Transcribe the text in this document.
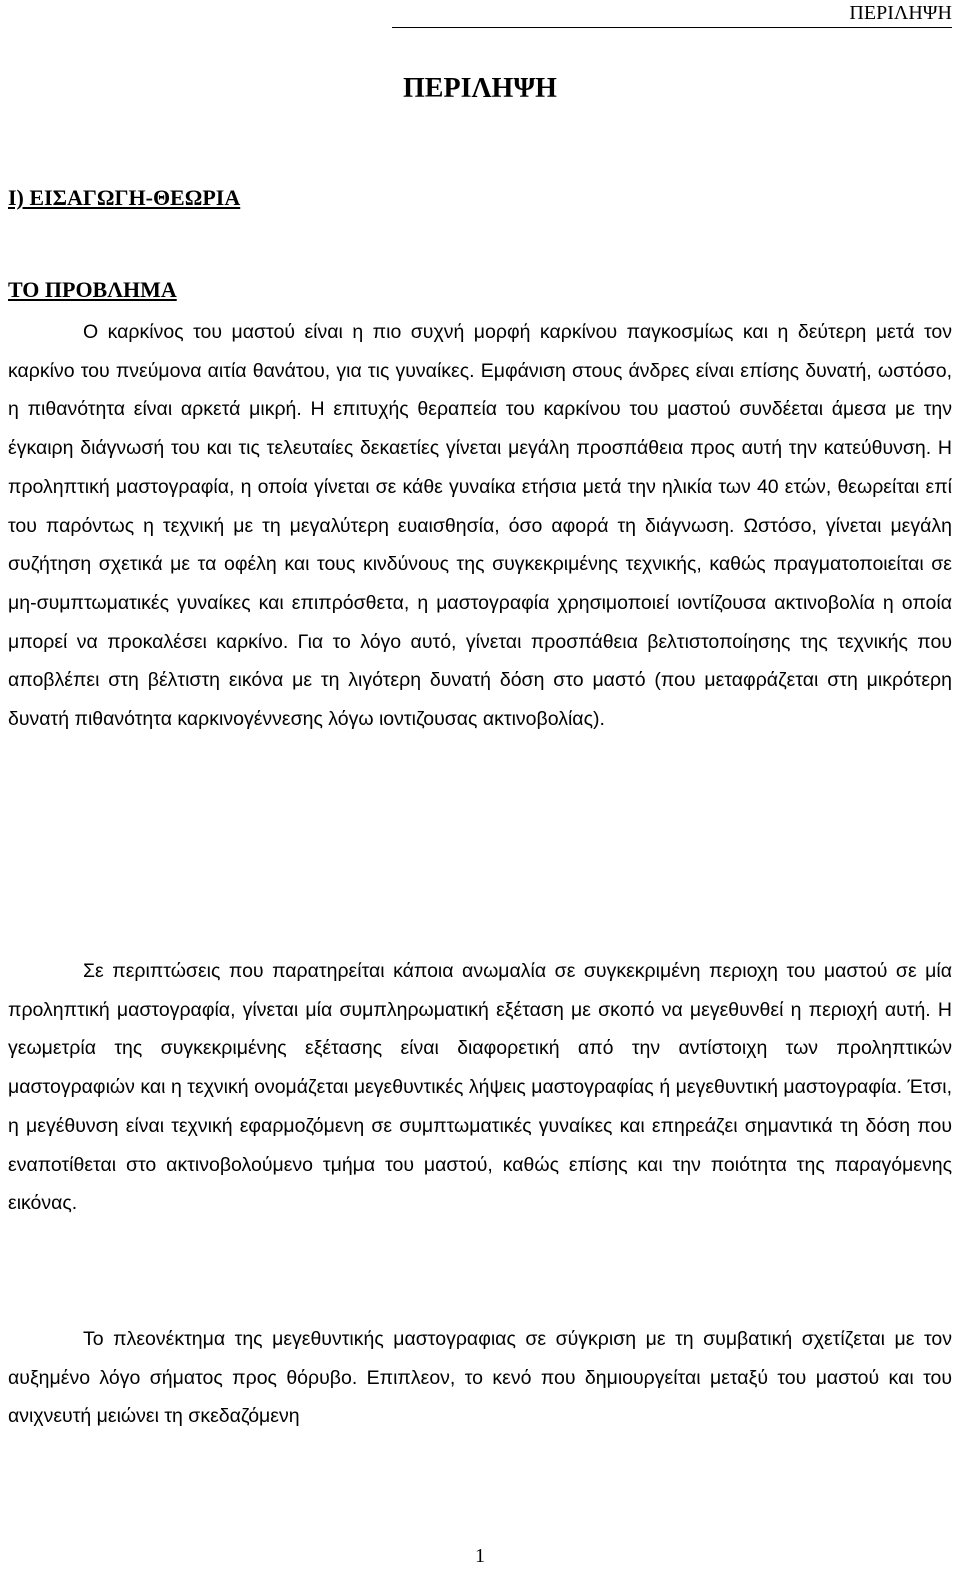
ΠΕΡΙΛΗΨΗ
ΠΕΡΙΛΗΨΗ
Ι) ΕΙΣΑΓΩΓΗ-ΘΕΩΡΙΑ
ΤΟ ΠΡΟΒΛΗΜΑ

Ο καρκίνος του μαστού είναι η πιο συχνή μορφή καρκίνου παγκοσμίως και η δεύτερη μετά τον καρκίνο του πνεύμονα αιτία θανάτου, για τις γυναίκες. Εμφάνιση στους άνδρες είναι επίσης δυνατή, ωστόσο, η πιθανότητα είναι αρκετά μικρή. Η επιτυχής θεραπεία του καρκίνου του μαστού συνδέεται άμεσα με την έγκαιρη διάγνωσή του και τις τελευταίες δεκαετίες γίνεται μεγάλη προσπάθεια προς αυτή την κατεύθυνση. Η προληπτική μαστογραφία, η οποία γίνεται σε κάθε γυναίκα ετήσια μετά την ηλικία των 40 ετών, θεωρείται επί του παρόντως η τεχνική με τη μεγαλύτερη ευαισθησία, όσο αφορά τη διάγνωση. Ωστόσο, γίνεται μεγάλη συζήτηση σχετικά με τα οφέλη και τους κινδύνους της συγκεκριμένης τεχνικής, καθώς πραγματοποιείται σε μη-συμπτωματικές γυναίκες και επιπρόσθετα, η μαστογραφία χρησιμοποιεί ιοντίζουσα ακτινοβολία η οποία μπορεί να προκαλέσει καρκίνο. Για το λόγο αυτό, γίνεται προσπάθεια βελτιστοποίησης της τεχνικής που αποβλέπει στη βέλτιστη εικόνα με τη λιγότερη δυνατή δόση στο μαστό (που μεταφράζεται στη μικρότερη δυνατή πιθανότητα καρκινογέννεσης λόγω ιοντιζουσας ακτινοβολίας).

Σε περιπτώσεις που παρατηρείται κάποια ανωμαλία σε συγκεκριμένη περιοχη του μαστού σε μία προληπτική μαστογραφία, γίνεται μία συμπληρωματική εξέταση με σκοπό να μεγεθυνθεί η περιοχή αυτή. Η γεωμετρία της συγκεκριμένης εξέτασης είναι διαφορετική από την αντίστοιχη των προληπτικών μαστογραφιών και η τεχνική ονομάζεται μεγεθυντικές λήψεις μαστογραφίας ή μεγεθυντική μαστογραφία. Έτσι, η μεγέθυνση είναι τεχνική εφαρμοζόμενη σε συμπτωματικές γυναίκες και επηρεάζει σημαντικά τη δόση που εναποτίθεται στο ακτινοβολούμενο τμήμα του μαστού, καθώς επίσης και την ποιότητα της παραγόμενης εικόνας.

Το πλεονέκτημα της μεγεθυντικής μαστογραφιας σε σύγκριση με τη συμβατική σχετίζεται με τον αυξημένο λόγο σήματος προς θόρυβο. Επιπλεον, το κενό που δημιουργείται μεταξύ του μαστού και του ανιχνευτή μειώνει τη σκεδαζόμενη

1
